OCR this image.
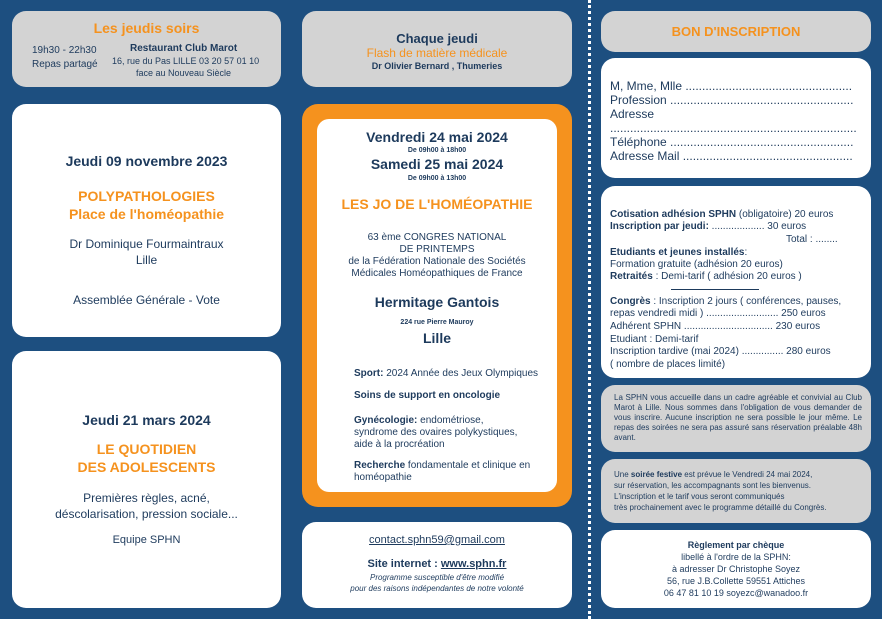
Les jeudis soirs
19h30 - 22h30
Repas partagé
Restaurant Club Marot
16, rue du Pas LILLE 03 20 57 01 10
face au Nouveau Siècle
Jeudi 09 novembre 2023
POLYPATHOLOGIES
Place de l'homéopathie
Dr Dominique Fourmaintraux
Lille
Assemblée Générale - Vote
Jeudi 21 mars 2024
LE QUOTIDIEN
DES ADOLESCENTS
Premières règles, acné,
déscolarisation, pression sociale...
Equipe SPHN
Chaque jeudi
Flash de matière médicale
Dr Olivier Bernard , Thumeries
Vendredi 24 mai 2024
De 09h00 à 18h00
Samedi 25 mai 2024
De 09h00 à 13h00
LES JO DE L'HOMÉOPATHIE
63 ème CONGRES NATIONAL
DE PRINTEMPS
de la Fédération Nationale des Sociétés
Médicales Homéopathiques de France
Hermitage Gantois
224 rue Pierre Mauroy
Lille
Sport: 2024 Année des Jeux Olympiques
Soins de support en oncologie
Gynécologie: endométriose,
syndrome des ovaires polykystiques,
aide à la procréation
Recherche fondamentale et clinique en
homéopathie
contact.sphn59@gmail.com
Site internet : www.sphn.fr
Programme susceptible d'être modifié
pour des raisons indépendantes de notre volonté
BON D'INSCRIPTION
M, Mme, Mlle ..................................................
Profession .......................................................
Adresse
..........................................................................
Téléphone .......................................................
Adresse Mail ...................................................
Cotisation adhésion SPHN (obligatoire) 20 euros
Inscription par jeudi: ................... 30 euros
Total : ........
Etudiants et jeunes installés:
Formation gratuite (adhésion 20 euros)
Retraités : Demi-tarif ( adhésion 20 euros )
Congrès : Inscription 2 jours ( conférences, pauses,
repas vendredi midi ) .......................... 250 euros
Adhérent SPHN ................................ 230 euros
Etudiant : Demi-tarif
Inscription tardive (mai 2024) ............... 280 euros
( nombre de places limité)
La SPHN vous accueille dans un cadre agréable et convivial au Club Marot à Lille. Nous sommes dans l'obligation de vous demander de vous inscrire. Aucune inscription ne sera possible le jour même. Le repas des soirées ne sera pas assuré sans réservation préalable 48h avant.
Une soirée festive est prévue le Vendredi 24 mai 2024,
sur réservation, les accompagnants sont les bienvenus.
L'inscription et le tarif vous seront communiqués
très prochainement avec le programme détaillé du Congrès.
Règlement par chèque
libellé à l'ordre de la SPHN:
à adresser Dr Christophe Soyez
56, rue J.B.Collette 59551 Attiches
06 47 81 10 19 soyezc@wanadoo.fr
